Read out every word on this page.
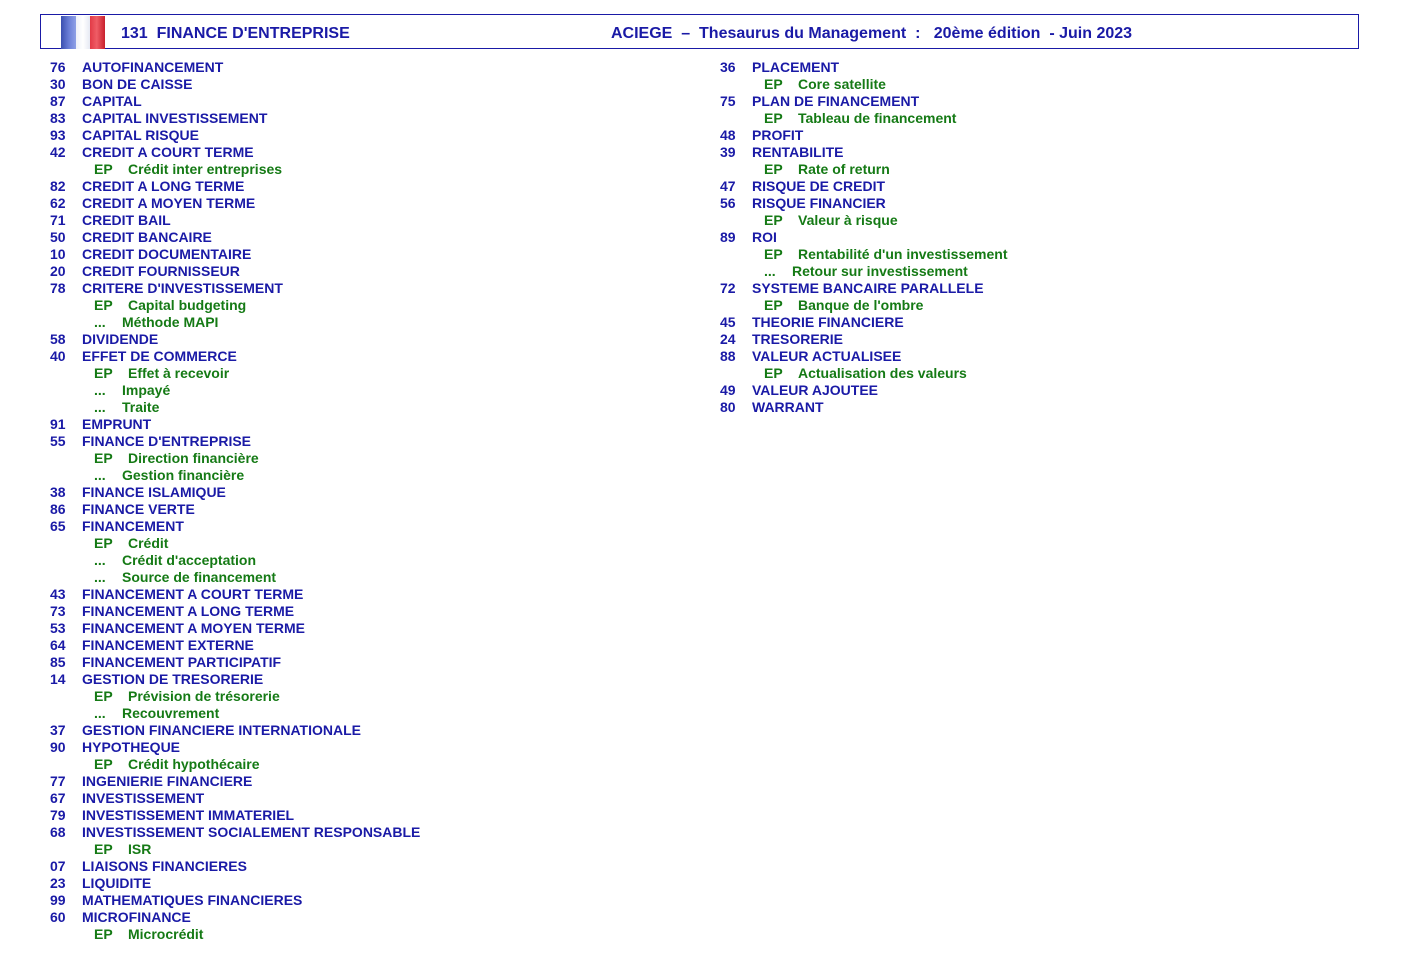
131 FINANCE D'ENTREPRISE	ACIEGE – Thesaurus du Management : 20ème édition - Juin 2023
76 AUTOFINANCEMENT
30 BON DE CAISSE
87 CAPITAL
83 CAPITAL INVESTISSEMENT
93 CAPITAL RISQUE
42 CREDIT A COURT TERME
EP Crédit inter entreprises
82 CREDIT A LONG TERME
62 CREDIT A MOYEN TERME
71 CREDIT BAIL
50 CREDIT BANCAIRE
10 CREDIT DOCUMENTAIRE
20 CREDIT FOURNISSEUR
78 CRITERE D'INVESTISSEMENT
EP Capital budgeting
... Méthode MAPI
58 DIVIDENDE
40 EFFET DE COMMERCE
EP Effet à recevoir
... Impayé
... Traite
91 EMPRUNT
55 FINANCE D'ENTREPRISE
EP Direction financière
... Gestion financière
38 FINANCE ISLAMIQUE
86 FINANCE VERTE
65 FINANCEMENT
EP Crédit
... Crédit d'acceptation
... Source de financement
43 FINANCEMENT A COURT TERME
73 FINANCEMENT A LONG TERME
53 FINANCEMENT A MOYEN TERME
64 FINANCEMENT EXTERNE
85 FINANCEMENT PARTICIPATIF
14 GESTION DE TRESORERIE
EP Prévision de trésorerie
... Recouvrement
37 GESTION FINANCIERE INTERNATIONALE
90 HYPOTHEQUE
EP Crédit hypothécaire
77 INGENIERIE FINANCIERE
67 INVESTISSEMENT
79 INVESTISSEMENT IMMATERIEL
68 INVESTISSEMENT SOCIALEMENT RESPONSABLE
EP ISR
07 LIAISONS FINANCIERES
23 LIQUIDITE
99 MATHEMATIQUES FINANCIERES
60 MICROFINANCE
EP Microcrédit
36 PLACEMENT
EP Core satellite
75 PLAN DE FINANCEMENT
EP Tableau de financement
48 PROFIT
39 RENTABILITE
EP Rate of return
47 RISQUE DE CREDIT
56 RISQUE FINANCIER
EP Valeur à risque
89 ROI
EP Rentabilité d'un investissement
... Retour sur investissement
72 SYSTEME BANCAIRE PARALLELE
EP Banque de l'ombre
45 THEORIE FINANCIERE
24 TRESORERIE
88 VALEUR ACTUALISEE
EP Actualisation des valeurs
49 VALEUR AJOUTEE
80 WARRANT
